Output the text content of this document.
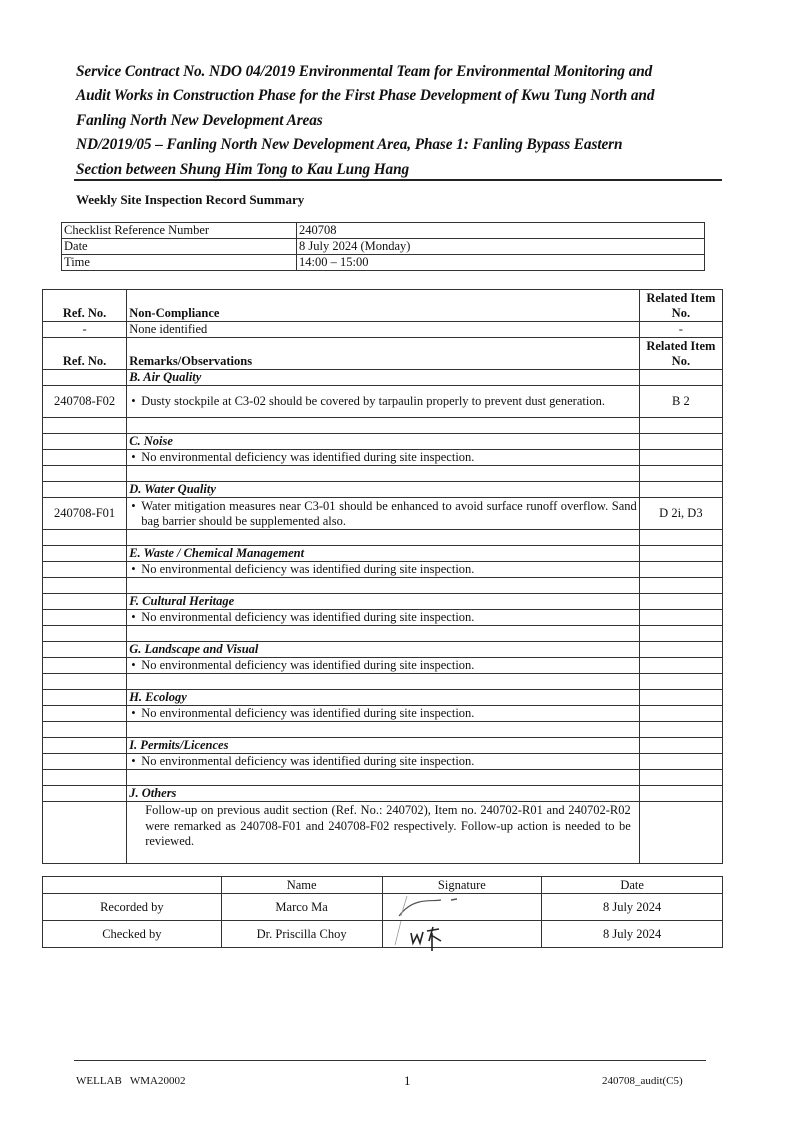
Service Contract No. NDO 04/2019 Environmental Team for Environmental Monitoring and
Audit Works in Construction Phase for the First Phase Development of Kwu Tung North and
Fanling North New Development Areas
ND/2019/05 – Fanling North New Development Area, Phase 1: Fanling Bypass Eastern
Section between Shung Him Tong to Kau Lung Hang
Weekly Site Inspection Record Summary
Checklist Reference Number	240708
Date	8 July 2024 (Monday)
Time	14:00 – 15:00
Ref. No.	Non-Compliance	Related Item No.
-	None identified	-
Ref. No.	Remarks/Observations	Related Item No.
	B. Air Quality	
240708-F02	• Dusty stockpile at C3-02 should be covered by tarpaulin properly to prevent dust generation.	B 2

	C. Noise	

	• No environmental deficiency was identified during site inspection.

	D. Water Quality	
240708-F01	• Water mitigation measures near C3-01 should be enhanced to avoid surface runoff overflow. Sand bag barrier should be supplemented also.	D 2i, D3

	E. Waste / Chemical Management	

	• No environmental deficiency was identified during site inspection.

	F. Cultural Heritage	

	• No environmental deficiency was identified during site inspection.

	G. Landscape and Visual	

	• No environmental deficiency was identified during site inspection.

	H. Ecology	

	• No environmental deficiency was identified during site inspection.

	I. Permits/Licences	

	• No environmental deficiency was identified during site inspection.

	J. Others	
	Follow-up on previous audit section (Ref. No.: 240702), Item no. 240702-R01 and 240702-R02 were remarked as 240708-F01 and 240708-F02 respectively. Follow-up action is needed to be reviewed.	
	Name	Signature	Date
Recorded by	Marco Ma		8 July 2024
Checked by	Dr. Priscilla Choy		8 July 2024
WELLAB   WMA20002	1	240708_audit(C5)
